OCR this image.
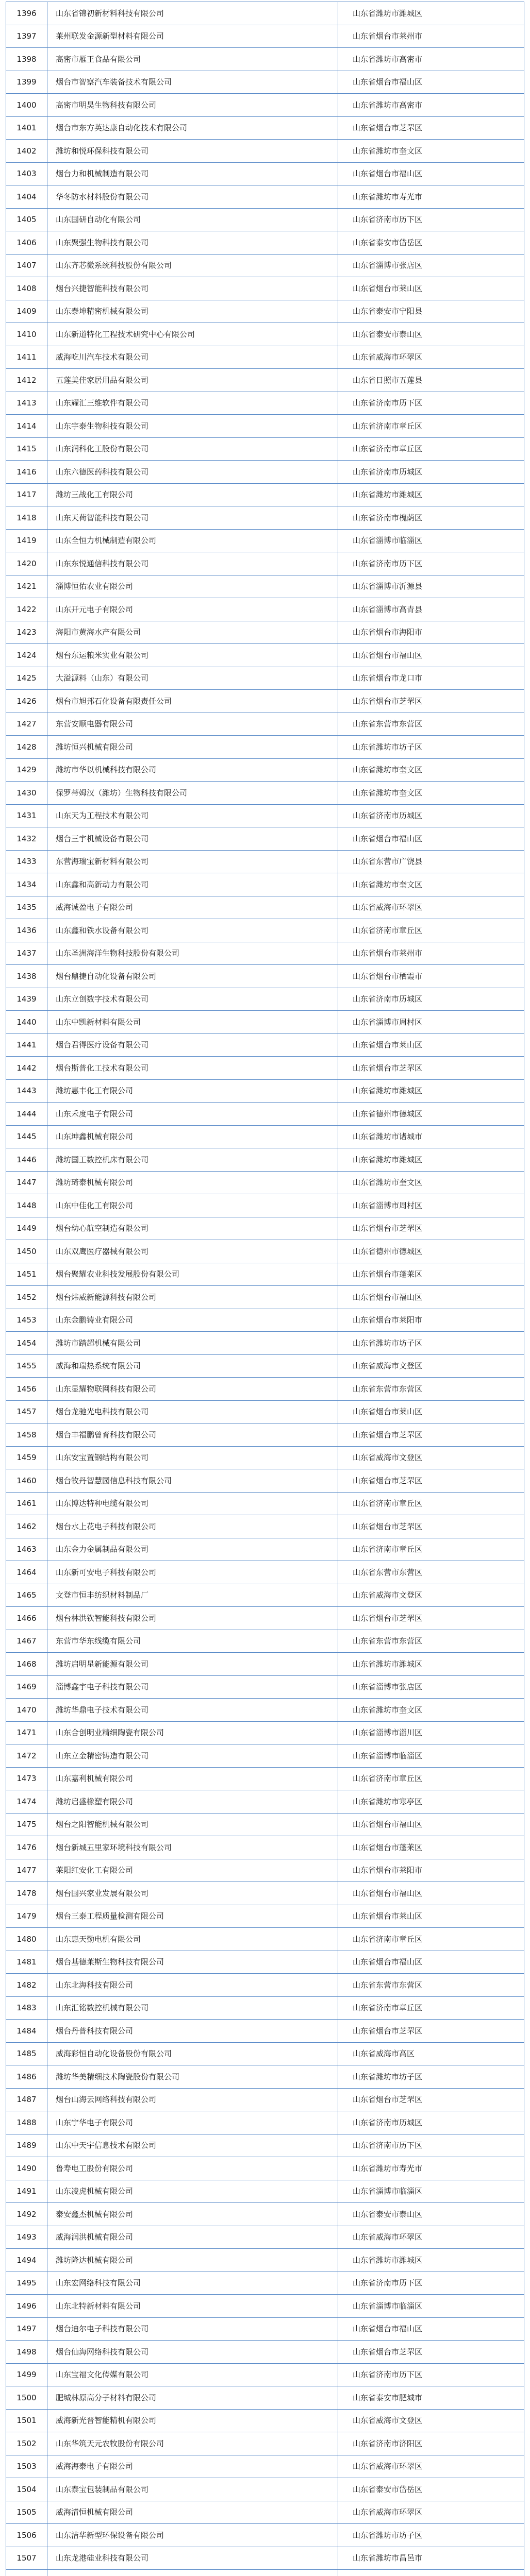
1396	山东省锦初新材料科技有限公司	山东省潍坊市潍城区
1397	莱州联发金源新型材料有限公司	山东省烟台市莱州市
1398	高密市雁王食品有限公司	山东省潍坊市高密市
1399	烟台市智察汽车装备技术有限公司	山东省烟台市福山区
1400	高密市明昊生物科技有限公司	山东省潍坊市高密市
1401	烟台市东方英达康自动化技术有限公司	山东省烟台市芝罘区
1402	潍坊和悦环保科技有限公司	山东省潍坊市奎文区
1403	烟台力和机械制造有限公司	山东省烟台市福山区
1404	华冬防水材料股份有限公司	山东省潍坊市寿光市
1405	山东国研自动化有限公司	山东省济南市历下区
1406	山东聚强生物科技有限公司	山东省泰安市岱岳区
1407	山东齐芯微系统科技股份有限公司	山东省淄博市张店区
1408	烟台兴捷智能科技有限公司	山东省烟台市莱山区
1409	山东泰坤精密机械有限公司	山东省泰安市宁阳县
1410	山东新道特化工程技术研究中心有限公司	山东省泰安市泰山区
1411	威海吃川汽车技术有限公司	山东省威海市环翠区
1412	五莲美佳家居用品有限公司	山东省日照市五莲县
1413	山东耀汇三维软件有限公司	山东省济南市历下区
1414	山东宇泰生物科技有限公司	山东省济南市章丘区
1415	山东润科化工股份有限公司	山东省济南市章丘区
1416	山东六德医药科技有限公司	山东省济南市历城区
1417	潍坊三战化工有限公司	山东省潍坊市潍城区
1418	山东天荷智能科技有限公司	山东省济南市槐荫区
1419	山东全恒力机械制造有限公司	山东省淄博市临淄区
1420	山东东悦通信科技有限公司	山东省济南市历下区
1421	淄博恒佑农业有限公司	山东省淄博市沂源县
1422	山东开元电子有限公司	山东省淄博市高青县
1423	海阳市黄海水产有限公司	山东省烟台市海阳市
1424	烟台东运粮米实业有限公司	山东省烟台市福山区
1425	大溢源料（山东）有限公司	山东省烟台市龙口市
1426	烟台市旭邦石化设备有限责任公司	山东省烟台市芝罘区
1427	东营安顺电器有限公司	山东省东营市东营区
1428	潍坊恒兴机械有限公司	山东省潍坊市坊子区
1429	潍坊市华以机械科技有限公司	山东省潍坊市奎文区
1430	保罗蒂姆汉（潍坊）生物科技有限公司	山东省潍坊市奎文区
1431	山东天为工程技术有限公司	山东省济南市历城区
1432	烟台三宇机械设备有限公司	山东省烟台市福山区
1433	东营海瑞宝新材料有限公司	山东省东营市广饶县
1434	山东鑫和高新动力有限公司	山东省潍坊市奎文区
1435	威海诚盈电子有限公司	山东省威海市环翠区
1436	山东鑫和铁水设备有限公司	山东省济南市章丘区
1437	山东圣洲海洋生物科技股份有限公司	山东省烟台市莱州市
1438	烟台鼎捷自动化设备有限公司	山东省烟台市栖霞市
1439	山东立创数字技术有限公司	山东省济南市历城区
1440	山东中凯新材料有限公司	山东省淄博市周村区
1441	烟台君得医疗设备有限公司	山东省烟台市莱山区
1442	烟台斯普化工技术有限公司	山东省烟台市芝罘区
1443	潍坊惠丰化工有限公司	山东省潍坊市潍城区
1444	山东禾度电子有限公司	山东省德州市德城区
1445	山东坤鑫机械有限公司	山东省潍坊市诸城市
1446	潍坊国工数控机床有限公司	山东省潍坊市潍城区
1447	潍坊琦泰机械有限公司	山东省潍坊市奎文区
1448	山东中佳化工有限公司	山东省淄博市周村区
1449	烟台幼心航空制造有限公司	山东省烟台市芝罘区
1450	山东双鹰医疗器械有限公司	山东省德州市德城区
1451	烟台聚耀农业科技发展股份有限公司	山东省烟台市蓬莱区
1452	烟台炜威新能源科技有限公司	山东省烟台市福山区
1453	山东金鹏铸业有限公司	山东省烟台市莱阳市
1454	潍坊市踏超机械有限公司	山东省潍坊市坊子区
1455	威海和瑞热系统有限公司	山东省威海市文登区
1456	山东显耀物联网科技有限公司	山东省东营市东营区
1457	烟台龙驰光电科技有限公司	山东省烟台市莱山区
1458	烟台丰福鹏曾育科技有限公司	山东省烟台市芝罘区
1459	山东安宝置钢结构有限公司	山东省威海市文登区
1460	烟台牧丹智慧园信息科技有限公司	山东省烟台市芝罘区
1461	山东博达特种电缆有限公司	山东省济南市章丘区
1462	烟台水上花电子科技有限公司	山东省烟台市芝罘区
1463	山东金力金属制品有限公司	山东省济南市章丘区
1464	山东新可安电子科技有限公司	山东省东营市东营区
1465	文登市恒丰纺织材料制品厂	山东省威海市文登区
1466	烟台林洪钦智能科技有限公司	山东省烟台市芝罘区
1467	东营市华东线缆有限公司	山东省东营市东营区
1468	潍坊启明星新能源有限公司	山东省潍坊市潍城区
1469	淄博鑫宇电子科技有限公司	山东省淄博市张店区
1470	潍坊华鼎电子技术有限公司	山东省潍坊市奎文区
1471	山东合创明业精细陶瓷有限公司	山东省淄博市淄川区
1472	山东立金精密铸造有限公司	山东省淄博市临淄区
1473	山东嘉利机械有限公司	山东省济南市章丘区
1474	潍坊启盛橡塑有限公司	山东省潍坊市寒亭区
1475	烟台之阳智能机械有限公司	山东省烟台市福山区
1476	烟台新城五里家环境科技有限公司	山东省烟台市蓬莱区
1477	莱阳红安化工有限公司	山东省烟台市莱阳市
1478	烟台国兴家业发展有限公司	山东省烟台市福山区
1479	烟台三泰工程质量检测有限公司	山东省烟台市莱山区
1480	山东惠天勤电机有限公司	山东省济南市章丘区
1481	烟台基德莱斯生物科技有限公司	山东省烟台市福山区
1482	山东北海科技有限公司	山东省东营市东营区
1483	山东汇铭数控机械有限公司	山东省济南市章丘区
1484	烟台丹普科技有限公司	山东省烟台市芝罘区
1485	威海彩恒自动化设备股份有限公司	山东省威海市高区
1486	潍坊华美精细技术陶瓷股份有限公司	山东省潍坊市坊子区
1487	烟台山海云网络科技有限公司	山东省烟台市芝罘区
1488	山东宁华电子有限公司	山东省济南市历城区
1489	山东中天宇信息技术有限公司	山东省济南市历下区
1490	鲁寿电工股份有限公司	山东省潍坊市寿光市
1491	山东凌虎机械有限公司	山东省淄博市临淄区
1492	泰安鑫杰机械有限公司	山东省泰安市泰山区
1493	威海润洪机械有限公司	山东省威海市环翠区
1494	潍坊隆达机械有限公司	山东省潍坊市潍城区
1495	山东宏网络科技有限公司	山东省济南市历下区
1496	山东北特新材料有限公司	山东省淄博市临淄区
1497	烟台迪尔电子科技有限公司	山东省烟台市福山区
1498	烟台仙海网络科技有限公司	山东省烟台市芝罘区
1499	山东宝福文化传媒有限公司	山东省济南市历下区
1500	肥城林原高分子材料有限公司	山东省泰安市肥城市
1501	威海新光晋智能精机有限公司	山东省威海市文登区
1502	山东华筑天元农牧股份有限公司	山东省济南市济阳区
1503	威海海泰电子有限公司	山东省威海市环翠区
1504	山东泰宝包装制品有限公司	山东省泰安市岱岳区
1505	威海清恒机械有限公司	山东省威海市环翠区
1506	山东洁华新型环保设备有限公司	山东省潍坊市坊子区
1507	山东龙港硅业科技有限公司	山东省潍坊市昌邑市
